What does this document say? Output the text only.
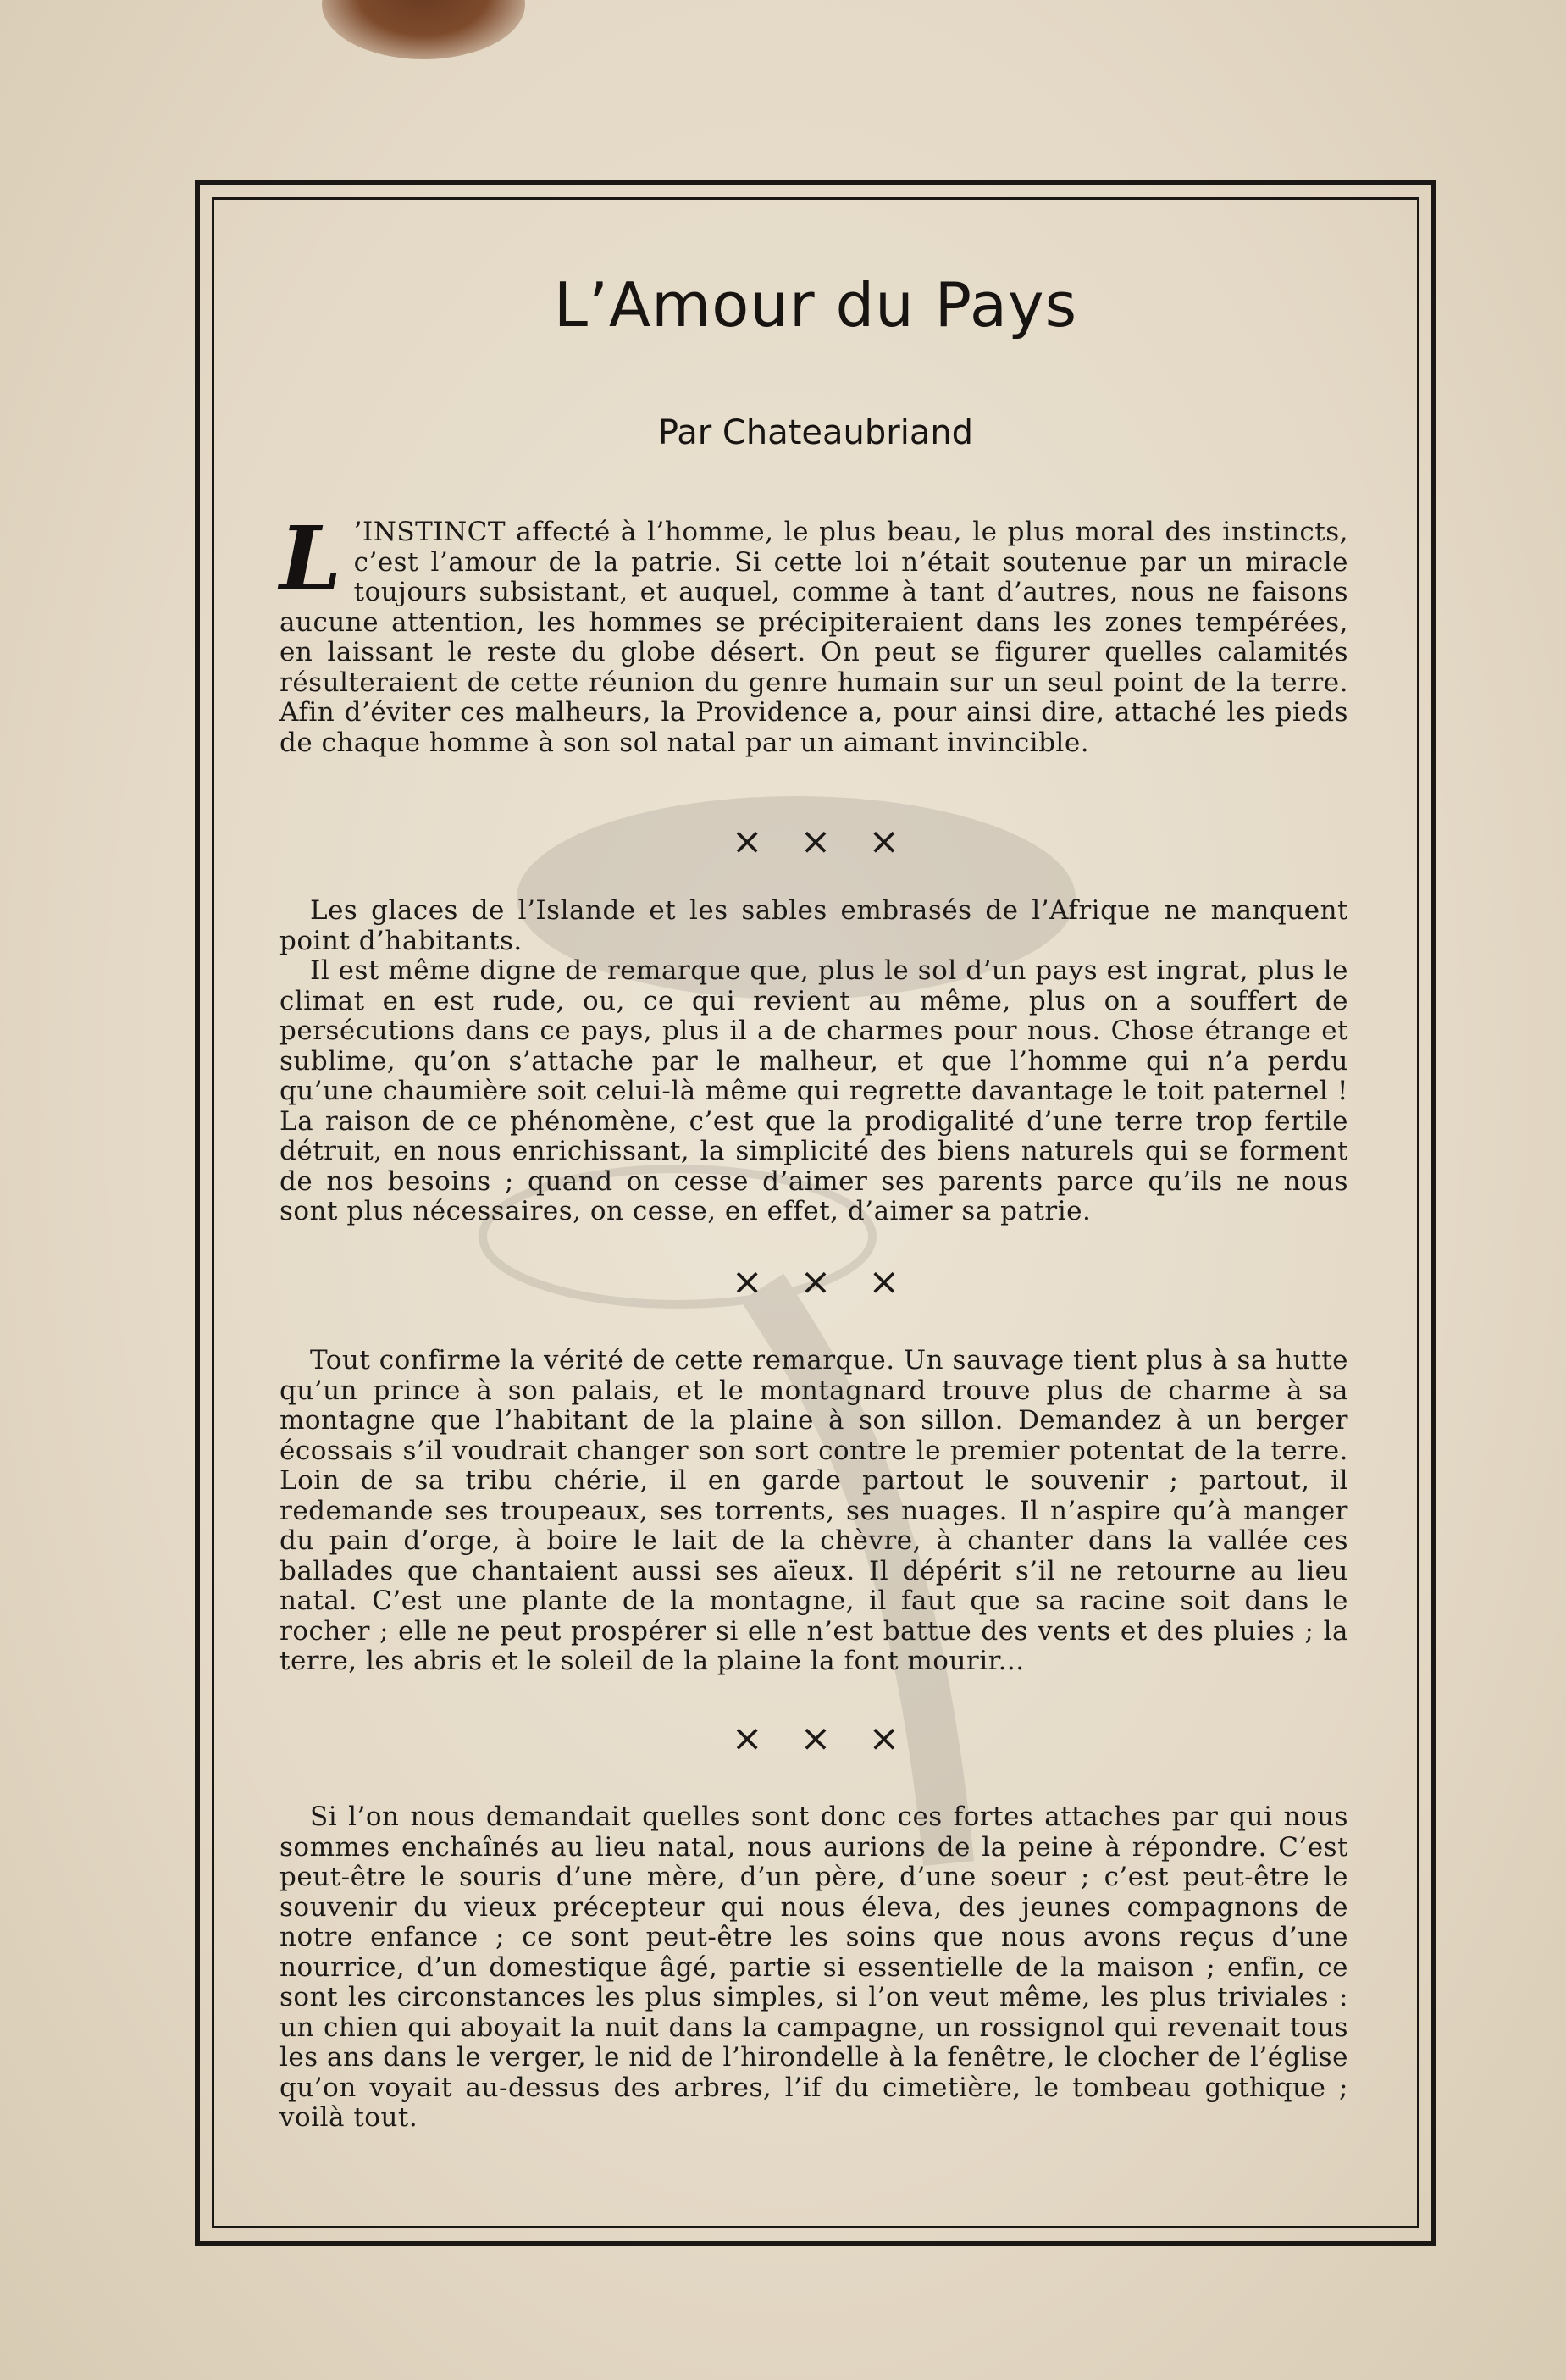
L’Amour du Pays
Par Chateaubriand
L ’INSTINCT affecté à l’homme, le plus beau, le plus moral des instincts, c’est l’amour de la patrie. Si cette loi n’était soutenue par un miracle toujours subsistant, et auquel, comme à tant d’autres, nous ne faisons aucune attention, les hommes se précipiteraient dans les zones tempérées, en laissant le reste du globe désert. On peut se figurer quelles calamités résulteraient de cette réunion du genre humain sur un seul point de la terre. Afin d’éviter ces malheurs, la Providence a, pour ainsi dire, attaché les pieds de chaque homme à son sol natal par un aimant invincible.

× × ×

Les glaces de l’Islande et les sables embrasés de l’Afrique ne manquent point d’habitants.

Il est même digne de remarque que, plus le sol d’un pays est ingrat, plus le climat en est rude, ou, ce qui revient au même, plus on a souffert de persécutions dans ce pays, plus il a de charmes pour nous. Chose étrange et sublime, qu’on s’attache par le malheur, et que l’homme qui n’a perdu qu’une chaumière soit celui-là même qui regrette davantage le toit paternel ! La raison de ce phénomène, c’est que la prodigalité d’une terre trop fertile détruit, en nous enrichissant, la simplicité des biens naturels qui se forment de nos besoins ; quand on cesse d’aimer ses parents parce qu’ils ne nous sont plus nécessaires, on cesse, en effet, d’aimer sa patrie.

× × ×

Tout confirme la vérité de cette remarque. Un sauvage tient plus à sa hutte qu’un prince à son palais, et le montagnard trouve plus de charme à sa montagne que l’habitant de la plaine à son sillon. Demandez à un berger écossais s’il voudrait changer son sort contre le premier potentat de la terre. Loin de sa tribu chérie, il en garde partout le souvenir ; partout, il redemande ses troupeaux, ses torrents, ses nuages. Il n’aspire qu’à manger du pain d’orge, à boire le lait de la chèvre, à chanter dans la vallée ces ballades que chantaient aussi ses aïeux. Il dépérit s’il ne retourne au lieu natal. C’est une plante de la montagne, il faut que sa racine soit dans le rocher ; elle ne peut prospérer si elle n’est battue des vents et des pluies ; la terre, les abris et le soleil de la plaine la font mourir...

× × ×

Si l’on nous demandait quelles sont donc ces fortes attaches par qui nous sommes enchaînés au lieu natal, nous aurions de la peine à répondre. C’est peut-être le souris d’une mère, d’un père, d’une soeur ; c’est peut-être le souvenir du vieux précepteur qui nous éleva, des jeunes compagnons de notre enfance ; ce sont peut-être les soins que nous avons reçus d’une nourrice, d’un domestique âgé, partie si essentielle de la maison ; enfin, ce sont les circonstances les plus simples, si l’on veut même, les plus triviales : un chien qui aboyait la nuit dans la campagne, un rossignol qui revenait tous les ans dans le verger, le nid de l’hirondelle à la fenêtre, le clocher de l’église qu’on voyait au-dessus des arbres, l’if du cimetière, le tombeau gothique ; voilà tout.
